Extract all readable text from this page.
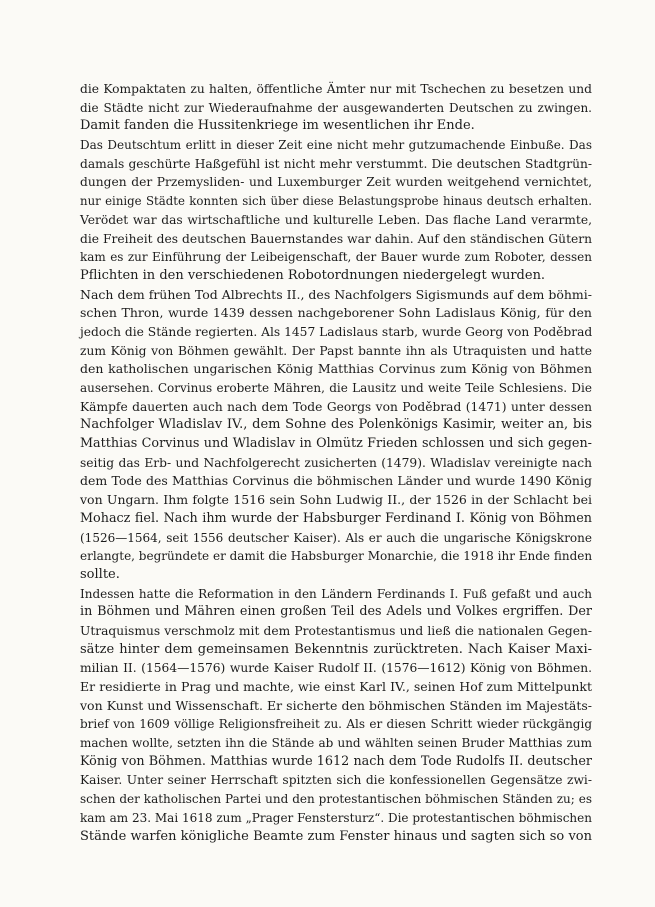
die Kompaktaten zu halten, öffentliche Ämter nur mit Tschechen zu besetzen und
die Städte nicht zur Wiederaufnahme der ausgewanderten Deutschen zu zwingen.
Damit fanden die Hussitenkriege im wesentlichen ihr Ende.
Das Deutschtum erlitt in dieser Zeit eine nicht mehr gutzumachende Einbuße. Das
damals geschürte Haßgefühl ist nicht mehr verstummt. Die deutschen Stadtgrün-
dungen der Przemysliden- und Luxemburger Zeit wurden weitgehend vernichtet,
nur einige Städte konnten sich über diese Belastungsprobe hinaus deutsch erhalten.
Verödet war das wirtschaftliche und kulturelle Leben. Das flache Land verarmte,
die Freiheit des deutschen Bauernstandes war dahin. Auf den ständischen Gütern
kam es zur Einführung der Leibeigenschaft, der Bauer wurde zum Roboter, dessen
Pflichten in den verschiedenen Robotordnungen niedergelegt wurden.
Nach dem frühen Tod Albrechts II., des Nachfolgers Sigismunds auf dem böhmi-
schen Thron, wurde 1439 dessen nachgeborener Sohn Ladislaus König, für den
jedoch die Stände regierten. Als 1457 Ladislaus starb, wurde Georg von Poděbrad
zum König von Böhmen gewählt. Der Papst bannte ihn als Utraquisten und hatte
den katholischen ungarischen König Matthias Corvinus zum König von Böhmen
ausersehen. Corvinus eroberte Mähren, die Lausitz und weite Teile Schlesiens. Die
Kämpfe dauerten auch nach dem Tode Georgs von Poděbrad (1471) unter dessen
Nachfolger Wladislav IV., dem Sohne des Polenkönigs Kasimir, weiter an, bis
Matthias Corvinus und Wladislav in Olmütz Frieden schlossen und sich gegen-
seitig das Erb- und Nachfolgerecht zusicherten (1479). Wladislav vereinigte nach
dem Tode des Matthias Corvinus die böhmischen Länder und wurde 1490 König
von Ungarn. Ihm folgte 1516 sein Sohn Ludwig II., der 1526 in der Schlacht bei
Mohacz fiel. Nach ihm wurde der Habsburger Ferdinand I. König von Böhmen
(1526—1564, seit 1556 deutscher Kaiser). Als er auch die ungarische Königskrone
erlangte, begründete er damit die Habsburger Monarchie, die 1918 ihr Ende finden
sollte.
Indessen hatte die Reformation in den Ländern Ferdinands I. Fuß gefaßt und auch
in Böhmen und Mähren einen großen Teil des Adels und Volkes ergriffen. Der
Utraquismus verschmolz mit dem Protestantismus und ließ die nationalen Gegen-
sätze hinter dem gemeinsamen Bekenntnis zurücktreten. Nach Kaiser Maxi-
milian II. (1564—1576) wurde Kaiser Rudolf II. (1576—1612) König von Böhmen.
Er residierte in Prag und machte, wie einst Karl IV., seinen Hof zum Mittelpunkt
von Kunst und Wissenschaft. Er sicherte den böhmischen Ständen im Majestäts-
brief von 1609 völlige Religionsfreiheit zu. Als er diesen Schritt wieder rückgängig
machen wollte, setzten ihn die Stände ab und wählten seinen Bruder Matthias zum
König von Böhmen. Matthias wurde 1612 nach dem Tode Rudolfs II. deutscher
Kaiser. Unter seiner Herrschaft spitzten sich die konfessionellen Gegensätze zwi-
schen der katholischen Partei und den protestantischen böhmischen Ständen zu; es
kam am 23. Mai 1618 zum „Prager Fenstersturz“. Die protestantischen böhmischen
Stände warfen königliche Beamte zum Fenster hinaus und sagten sich so von
